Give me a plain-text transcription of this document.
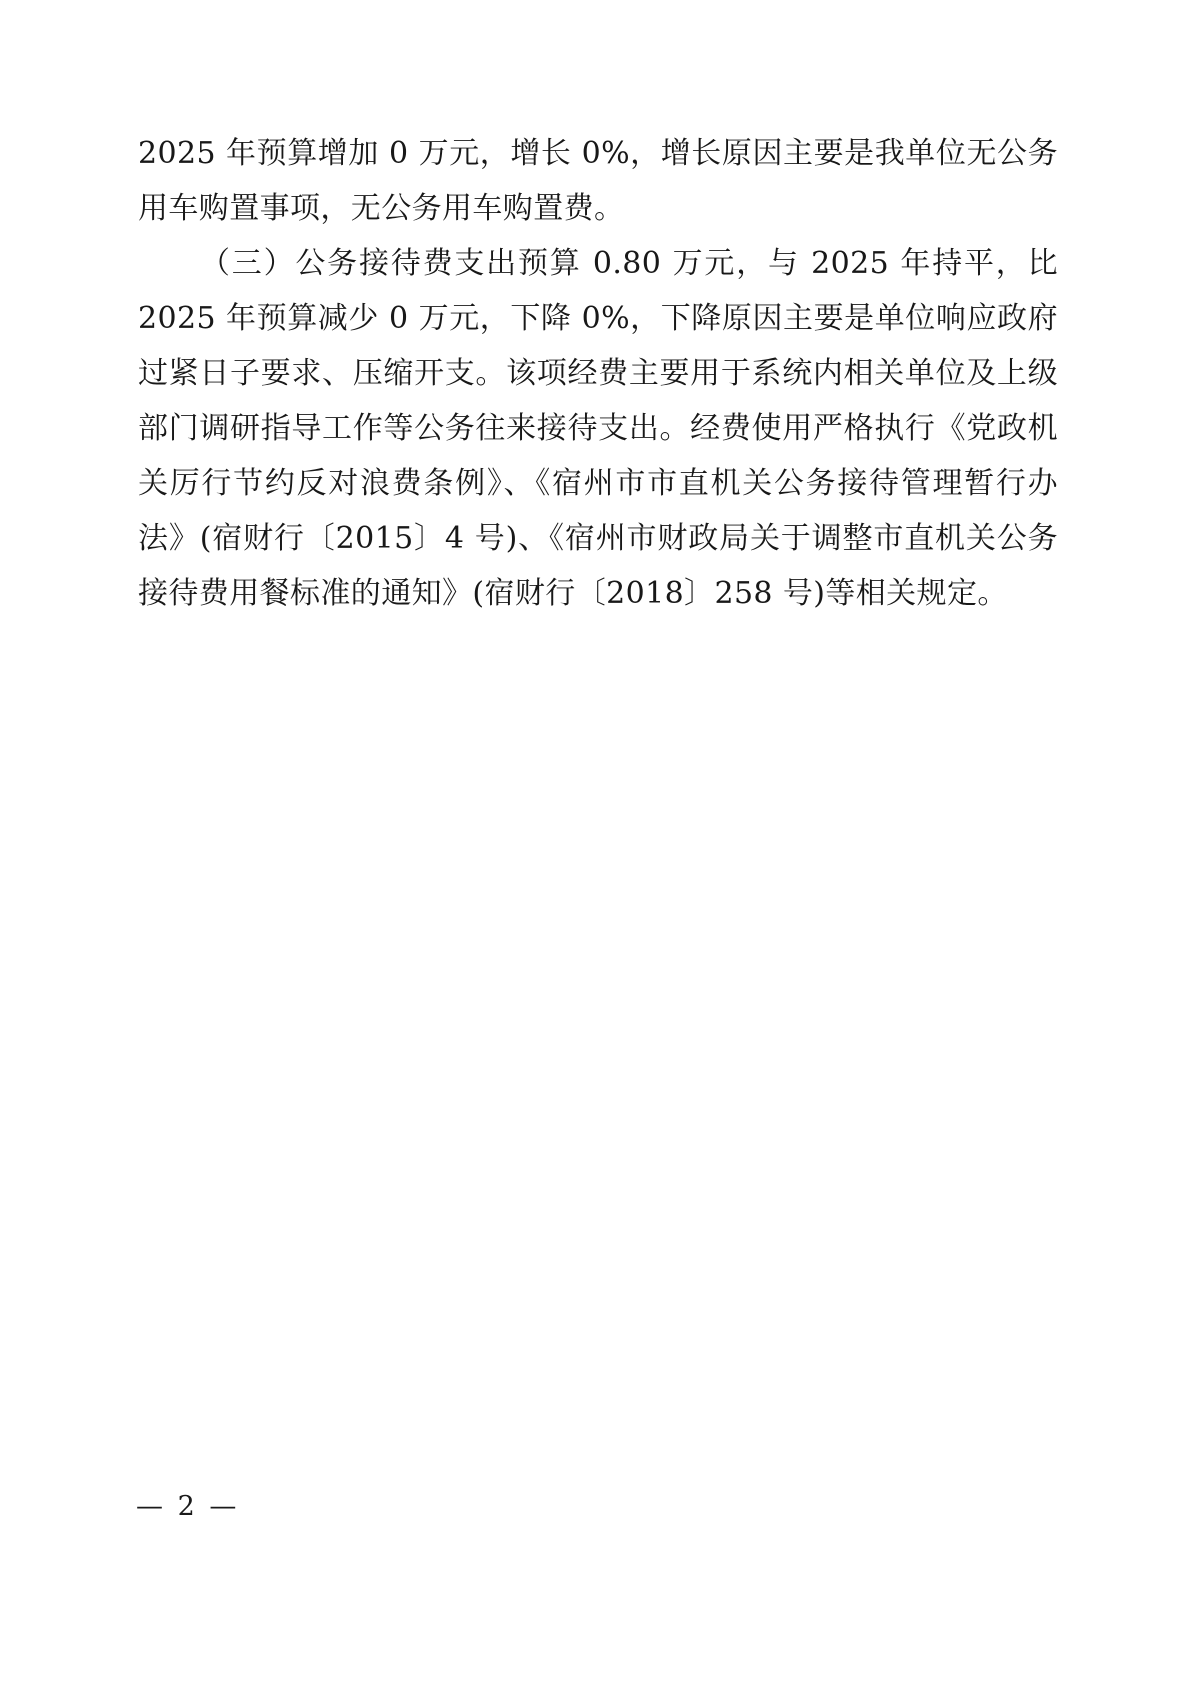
2025 年预算增加 0 万元，增长 0%，增长原因主要是我单位无公务用车购置事项，无公务用车购置费。

（三）公务接待费支出预算 0.80 万元，与 2025 年持平，比 2025 年预算减少 0 万元，下降 0%，下降原因主要是单位响应政府过紧日子要求、压缩开支。该项经费主要用于系统内相关单位及上级部门调研指导工作等公务往来接待支出。经费使用严格执行《党政机关厉行节约反对浪费条例》、《宿州市市直机关公务接待管理暂行办法》(宿财行〔2015〕4 号)、《宿州市财政局关于调整市直机关公务接待费用餐标准的通知》(宿财行〔2018〕258 号)等相关规定。

— 2 —
